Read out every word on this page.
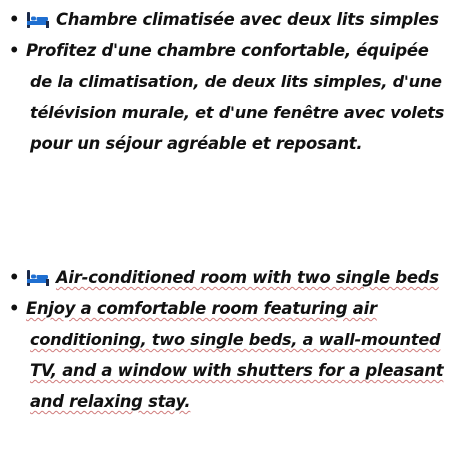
• Chambre climatisée avec deux lits simples
• Profitez d'une chambre confortable, équipée
de la climatisation, de deux lits simples, d'une
télévision murale, et d'une fenêtre avec volets
pour un séjour agréable et reposant.
• Air-conditioned room with two single beds
• Enjoy a comfortable room featuring air
conditioning, two single beds, a wall-mounted
TV, and a window with shutters for a pleasant
and relaxing stay.
